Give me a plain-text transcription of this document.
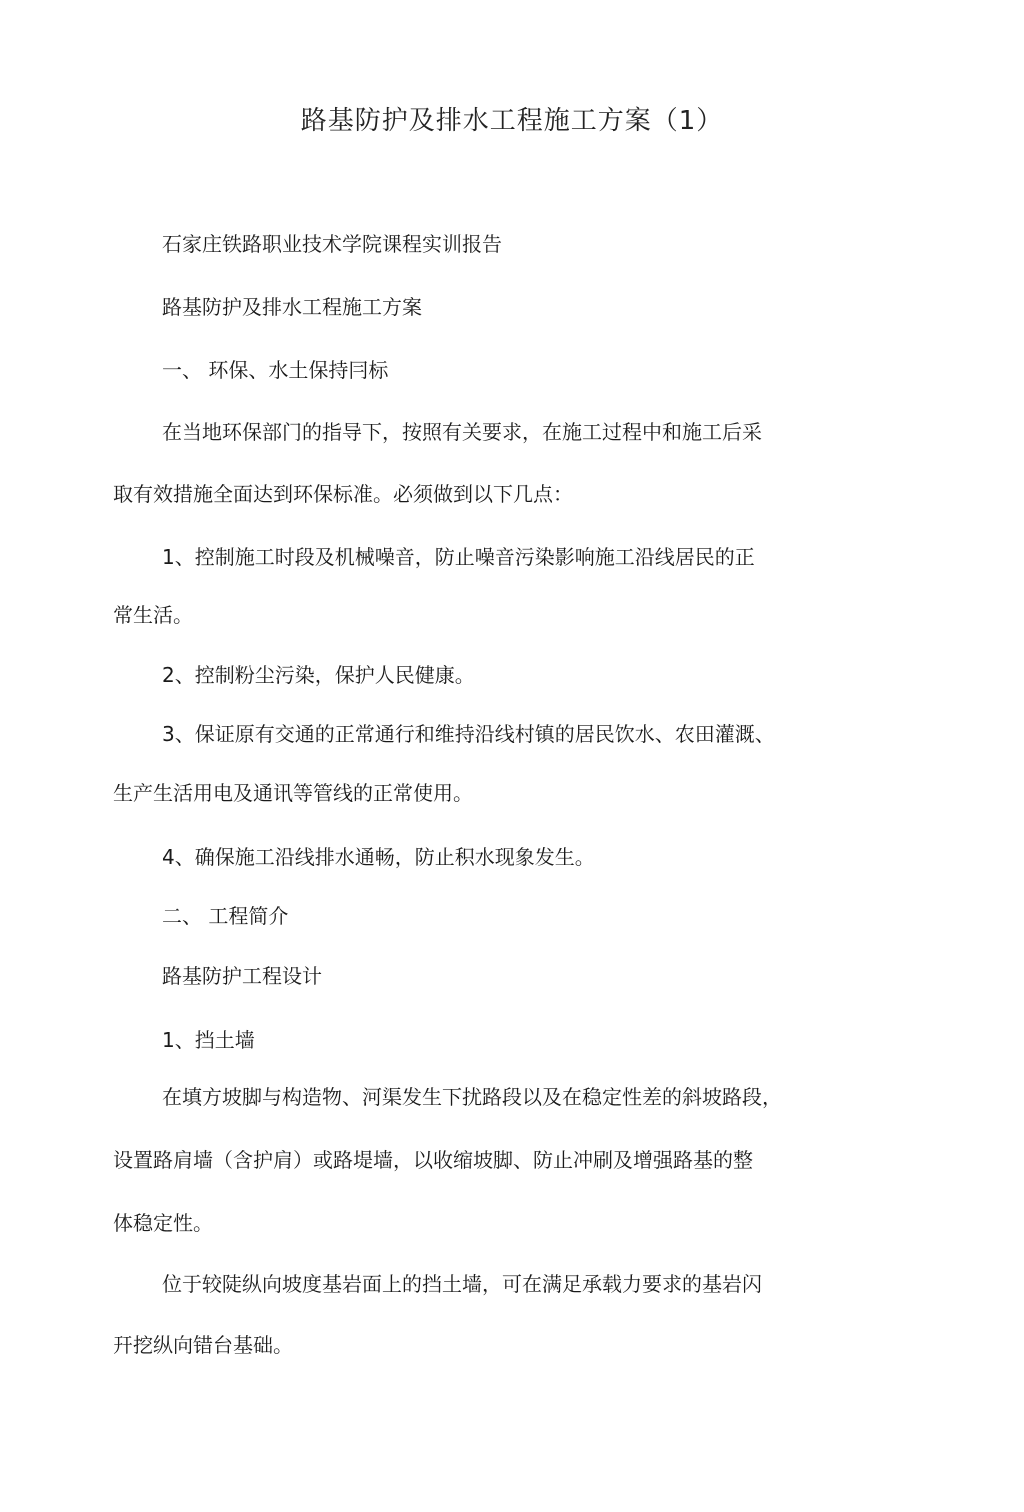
路基防护及排水工程施工方案（1）
石家庄铁路职业技术学院课程实训报告
路基防护及排水工程施工方案
一、 环保、水土保持冃标
在当地环保部门的指导下，按照有关要求，在施工过程中和施工后采
取有效措施全面达到环保标准。必须做到以下几点：
1、控制施工时段及机械噪音，防止噪音污染影响施工沿线居民的正
常生活。
2、控制粉尘污染，保护人民健康。
3、保证原有交通的正常通行和维持沿线村镇的居民饮水、农田灌溉、
生产生活用电及通讯等管线的正常使用。
4、确保施工沿线排水通畅，防止积水现象发生。
二、 工程简介
路基防护工程设计
1、挡土墙
在填方坡脚与构造物、河渠发生下扰路段以及在稳定性差的斜坡路段，
设置路肩墙（含护肩）或路堤墙，以收缩坡脚、防止冲刷及增强路基的整
体稳定性。
位于较陡纵向坡度基岩面上的挡土墙，可在满足承载力要求的基岩闪
幵挖纵向错台基础。
